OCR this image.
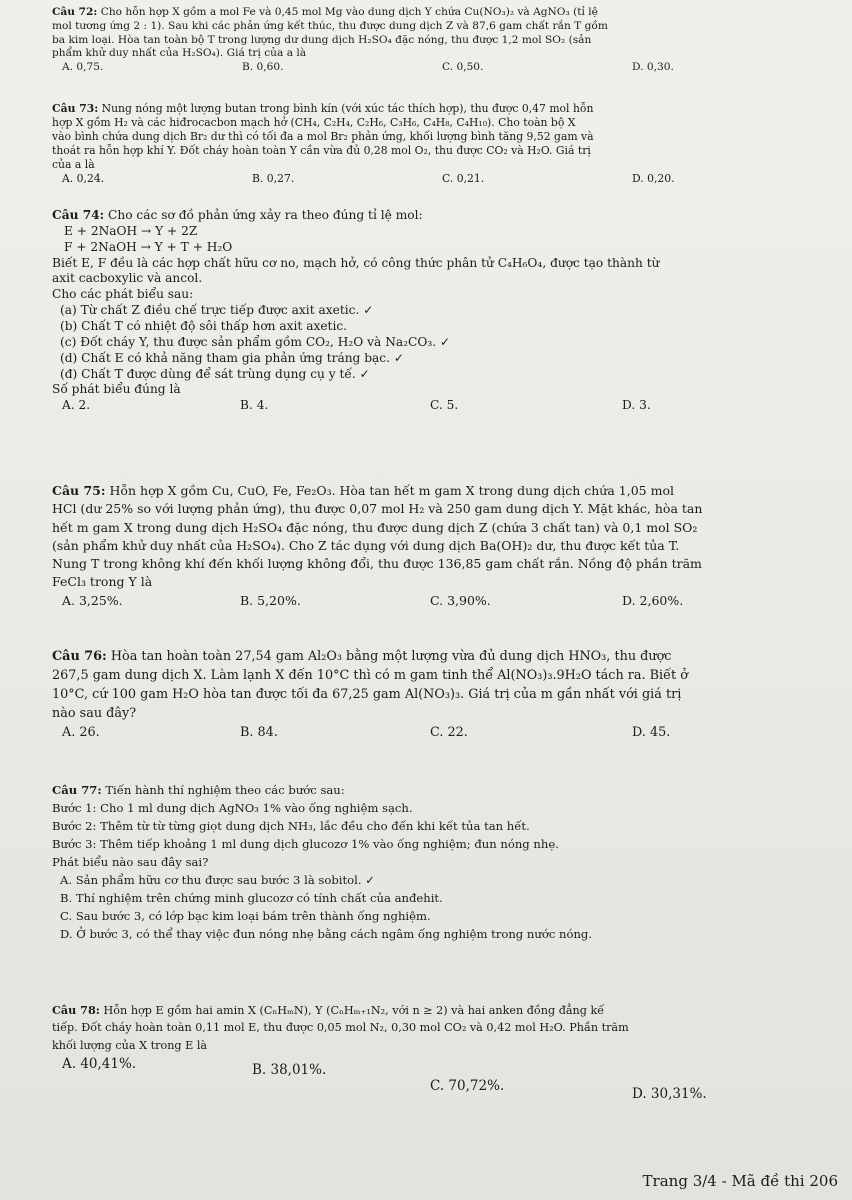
Câu 72: Cho hỗn hợp X gồm a mol Fe và 0,45 mol Mg vào dung dịch Y chứa Cu(NO₃)₂ và AgNO₃ (tỉ lệ

mol tương ứng 2 : 1). Sau khi các phản ứng kết thúc, thu được dung dịch Z và 87,6 gam chất rắn T gồm

ba kim loại. Hòa tan toàn bộ T trong lượng dư dung dịch H₂SO₄ đặc nóng, thu được 1,2 mol SO₂ (sản

phẩm khử duy nhất của H₂SO₄). Giá trị của a là

A. 0,75.	B. 0,60.	C. 0,50.	D. 0,30.

Câu 73: Nung nóng một lượng butan trong bình kín (với xúc tác thích hợp), thu được 0,47 mol hỗn

hợp X gồm H₂ và các hiđrocacbon mạch hở (CH₄, C₂H₄, C₂H₆, C₃H₆, C₄H₈, C₄H₁₀). Cho toàn bộ X

vào bình chứa dung dịch Br₂ dư thì có tối đa a mol Br₂ phản ứng, khối lượng bình tăng 9,52 gam và

thoát ra hỗn hợp khí Y. Đốt cháy hoàn toàn Y cần vừa đủ 0,28 mol O₂, thu được CO₂ và H₂O. Giá trị

của a là

A. 0,24.	B. 0,27.	C. 0,21.	D. 0,20.

Câu 74: Cho các sơ đồ phản ứng xảy ra theo đúng tỉ lệ mol:

E + 2NaOH → Y + 2Z

F + 2NaOH → Y + T + H₂O

Biết E, F đều là các hợp chất hữu cơ no, mạch hở, có công thức phân tử C₄H₆O₄, được tạo thành từ

axit cacboxylic và ancol.

Cho các phát biểu sau:

(a) Từ chất Z điều chế trực tiếp được axit axetic. ✓

(b) Chất T có nhiệt độ sôi thấp hơn axit axetic.

(c) Đốt cháy Y, thu được sản phẩm gồm CO₂, H₂O và Na₂CO₃. ✓

(d) Chất E có khả năng tham gia phản ứng tráng bạc. ✓

(đ) Chất T được dùng để sát trùng dụng cụ y tế. ✓

Số phát biểu đúng là

A. 2.	B. 4.	C. 5.	D. 3.

Câu 75: Hỗn hợp X gồm Cu, CuO, Fe, Fe₂O₃. Hòa tan hết m gam X trong dung dịch chứa 1,05 mol

HCl (dư 25% so với lượng phản ứng), thu được 0,07 mol H₂ và 250 gam dung dịch Y. Mặt khác, hòa tan

hết m gam X trong dung dịch H₂SO₄ đặc nóng, thu được dung dịch Z (chứa 3 chất tan) và 0,1 mol SO₂

(sản phẩm khử duy nhất của H₂SO₄). Cho Z tác dụng với dung dịch Ba(OH)₂ dư, thu được kết tủa T.

Nung T trong không khí đến khối lượng không đổi, thu được 136,85 gam chất rắn. Nồng độ phần trăm

FeCl₃ trong Y là

A. 3,25%.	B. 5,20%.	C. 3,90%.	D. 2,60%.

Câu 76: Hòa tan hoàn toàn 27,54 gam Al₂O₃ bằng một lượng vừa đủ dung dịch HNO₃, thu được

267,5 gam dung dịch X. Làm lạnh X đến 10°C thì có m gam tinh thể Al(NO₃)₃.9H₂O tách ra. Biết ở

10°C, cứ 100 gam H₂O hòa tan được tối đa 67,25 gam Al(NO₃)₃. Giá trị của m gần nhất với giá trị

nào sau đây?

A. 26.	B. 84.	C. 22.	D. 45.

Câu 77: Tiến hành thí nghiệm theo các bước sau:

Bước 1: Cho 1 ml dung dịch AgNO₃ 1% vào ống nghiệm sạch.

Bước 2: Thêm từ từ từng giọt dung dịch NH₃, lắc đều cho đến khi kết tủa tan hết.

Bước 3: Thêm tiếp khoảng 1 ml dung dịch glucozơ 1% vào ống nghiệm; đun nóng nhẹ.

Phát biểu nào sau đây sai?

A. Sản phẩm hữu cơ thu được sau bước 3 là sobitol. ✓

B. Thí nghiệm trên chứng minh glucozơ có tính chất của anđehit.

C. Sau bước 3, có lớp bạc kim loại bám trên thành ống nghiệm.

D. Ở bước 3, có thể thay việc đun nóng nhẹ bằng cách ngâm ống nghiệm trong nước nóng.

Câu 78: Hỗn hợp E gồm hai amin X (CₙHₘN), Y (CₙHₘ₊₁N₂, với n ≥ 2) và hai anken đồng đẳng kế

tiếp. Đốt cháy hoàn toàn 0,11 mol E, thu được 0,05 mol N₂, 0,30 mol CO₂ và 0,42 mol H₂O. Phần trăm

khối lượng của X trong E là

A. 40,41%.	B. 38,01%.
C. 70,72%.	D. 30,31%.
Trang 3/4 - Mã đề thi 206
